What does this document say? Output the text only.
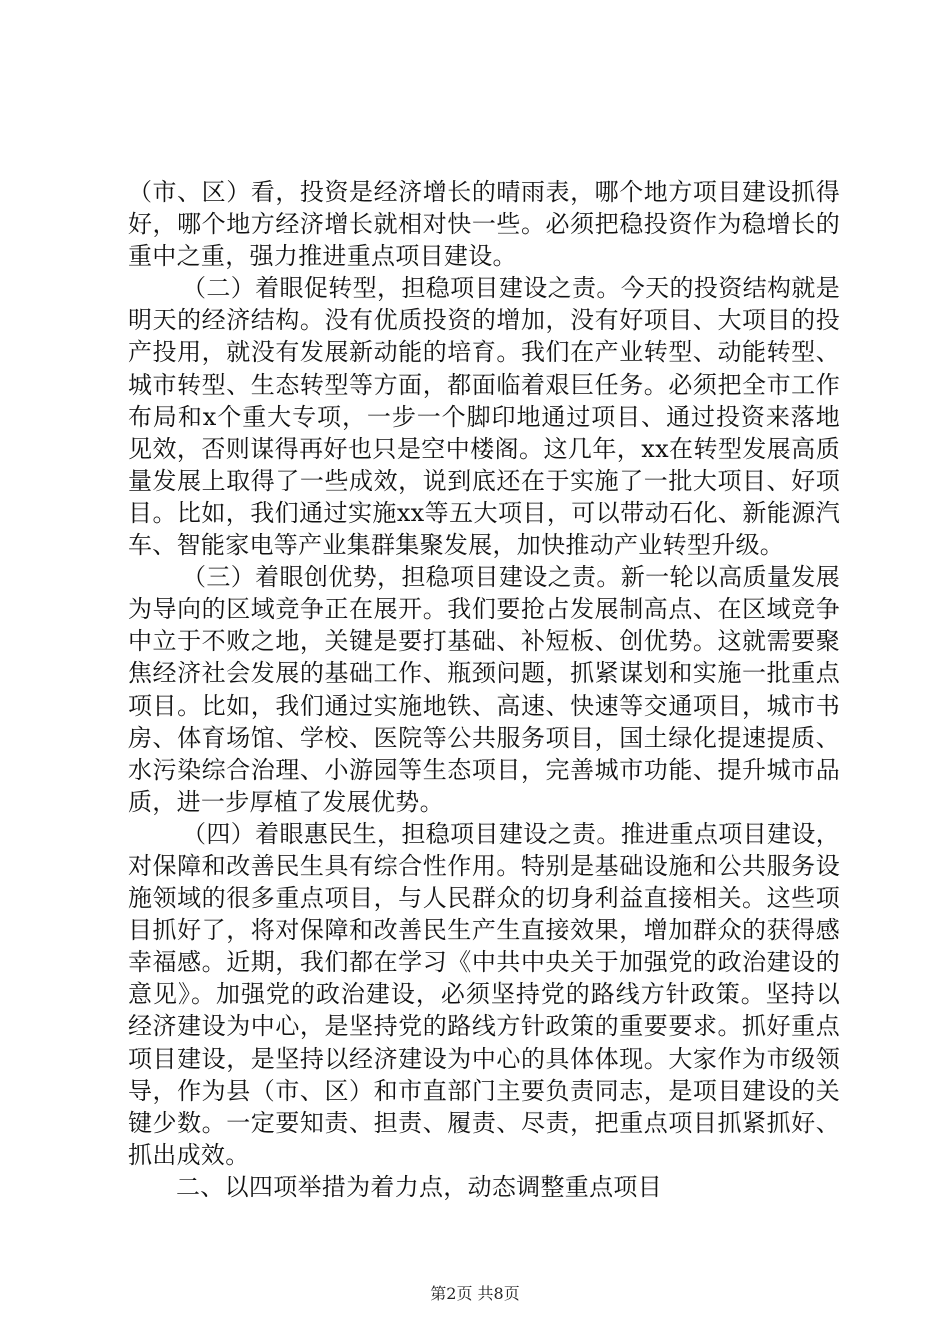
（市、区）看，投资是经济增长的晴雨表，哪个地方项目建设抓得好，哪个地方经济增长就相对快一些。必须把稳投资作为稳增长的重中之重，强力推进重点项目建设。

（二）着眼促转型，担稳项目建设之责。今天的投资结构就是明天的经济结构。没有优质投资的增加，没有好项目、大项目的投产投用，就没有发展新动能的培育。我们在产业转型、动能转型、城市转型、生态转型等方面，都面临着艰巨任务。必须把全市工作布局和x个重大专项，一步一个脚印地通过项目、通过投资来落地见效，否则谋得再好也只是空中楼阁。这几年，xx在转型发展高质量发展上取得了一些成效，说到底还在于实施了一批大项目、好项目。比如，我们通过实施xx等五大项目，可以带动石化、新能源汽车、智能家电等产业集群集聚发展，加快推动产业转型升级。

（三）着眼创优势，担稳项目建设之责。新一轮以高质量发展为导向的区域竞争正在展开。我们要抢占发展制高点、在区域竞争中立于不败之地，关键是要打基础、补短板、创优势。这就需要聚焦经济社会发展的基础工作、瓶颈问题，抓紧谋划和实施一批重点项目。比如，我们通过实施地铁、高速、快速等交通项目，城市书房、体育场馆、学校、医院等公共服务项目，国土绿化提速提质、水污染综合治理、小游园等生态项目，完善城市功能、提升城市品质，进一步厚植了发展优势。

（四）着眼惠民生，担稳项目建设之责。推进重点项目建设，对保障和改善民生具有综合性作用。特别是基础设施和公共服务设施领域的很多重点项目，与人民群众的切身利益直接相关。这些项目抓好了，将对保障和改善民生产生直接效果，增加群众的获得感幸福感。近期，我们都在学习《中共中央关于加强党的政治建设的意见》。加强党的政治建设，必须坚持党的路线方针政策。坚持以经济建设为中心，是坚持党的路线方针政策的重要要求。抓好重点项目建设，是坚持以经济建设为中心的具体体现。大家作为市级领导，作为县（市、区）和市直部门主要负责同志，是项目建设的关键少数。一定要知责、担责、履责、尽责，把重点项目抓紧抓好、抓出成效。

二、以四项举措为着力点，动态调整重点项目

第2页 共8页
